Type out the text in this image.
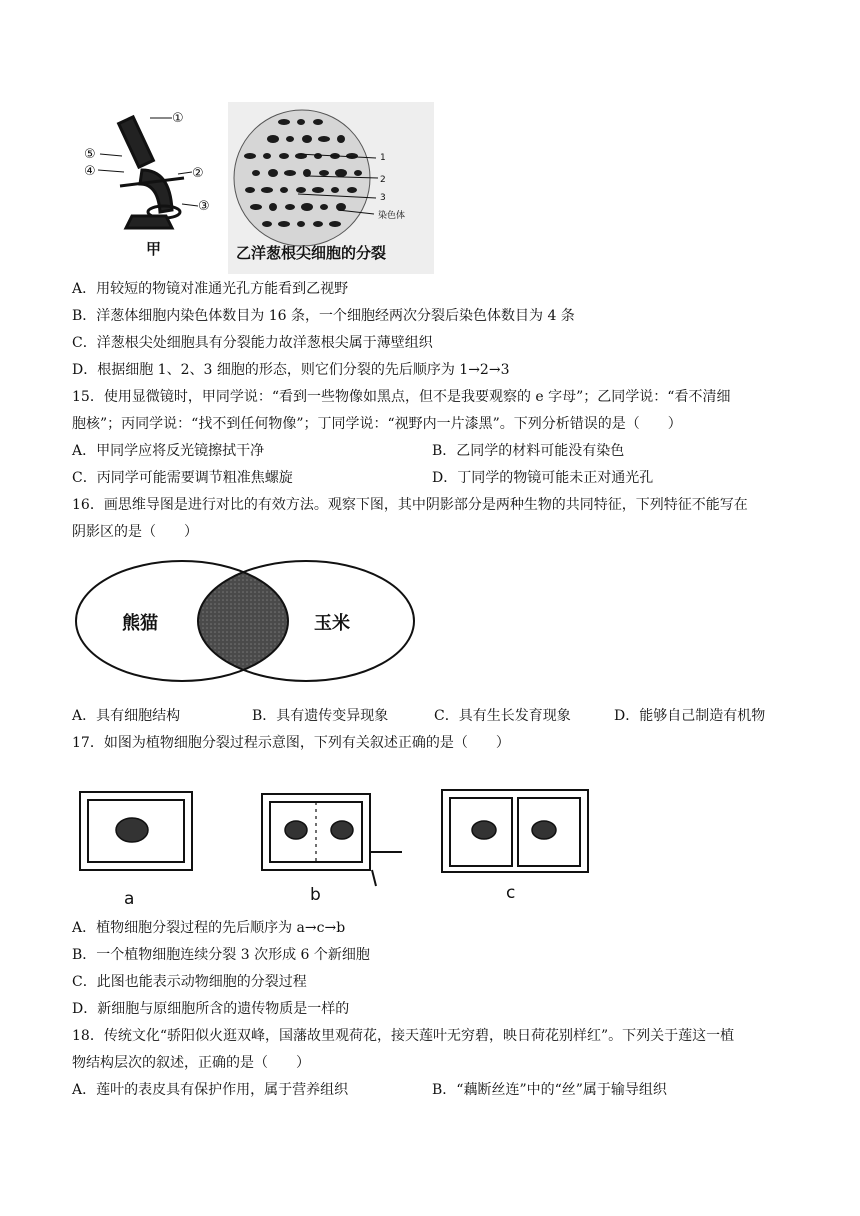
①
⑤
④	②
③
甲
1
2
3
染色体
乙洋葱根尖细胞的分裂
A．用较短的物镜对准通光孔方能看到乙视野
B．洋葱体细胞内染色体数目为 16 条，一个细胞经两次分裂后染色体数目为 4 条
C．洋葱根尖处细胞具有分裂能力故洋葱根尖属于薄壁组织
D．根据细胞 1、2、3 细胞的形态，则它们分裂的先后顺序为 1→2→3
15．使用显微镜时，甲同学说：“看到一些物像如黑点，但不是我要观察的 e 字母”；乙同学说：“看不清细
胞核”；丙同学说：“找不到任何物像”；丁同学说：“视野内一片漆黑”。下列分析错误的是（　　）
A．甲同学应将反光镜擦拭干净	B．乙同学的材料可能没有染色
C．丙同学可能需要调节粗准焦螺旋	D．丁同学的物镜可能未正对通光孔
16．画思维导图是进行对比的有效方法。观察下图，其中阴影部分是两种生物的共同特征，下列特征不能写在
阴影区的是（　　）
熊猫	玉米
A．具有细胞结构	B．具有遗传变异现象	C．具有生长发育现象	D．能够自己制造有机物
17．如图为植物细胞分裂过程示意图，下列有关叙述正确的是（　　）
a	b	c
A．植物细胞分裂过程的先后顺序为 a→c→b
B．一个植物细胞连续分裂 3 次形成 6 个新细胞
C．此图也能表示动物细胞的分裂过程
D．新细胞与原细胞所含的遗传物质是一样的
18．传统文化“骄阳似火逛双峰，国藩故里观荷花，接天莲叶无穷碧，映日荷花别样红”。下列关于莲这一植
物结构层次的叙述，正确的是（　　）
A．莲叶的表皮具有保护作用，属于营养组织	B．“藕断丝连”中的“丝”属于输导组织
